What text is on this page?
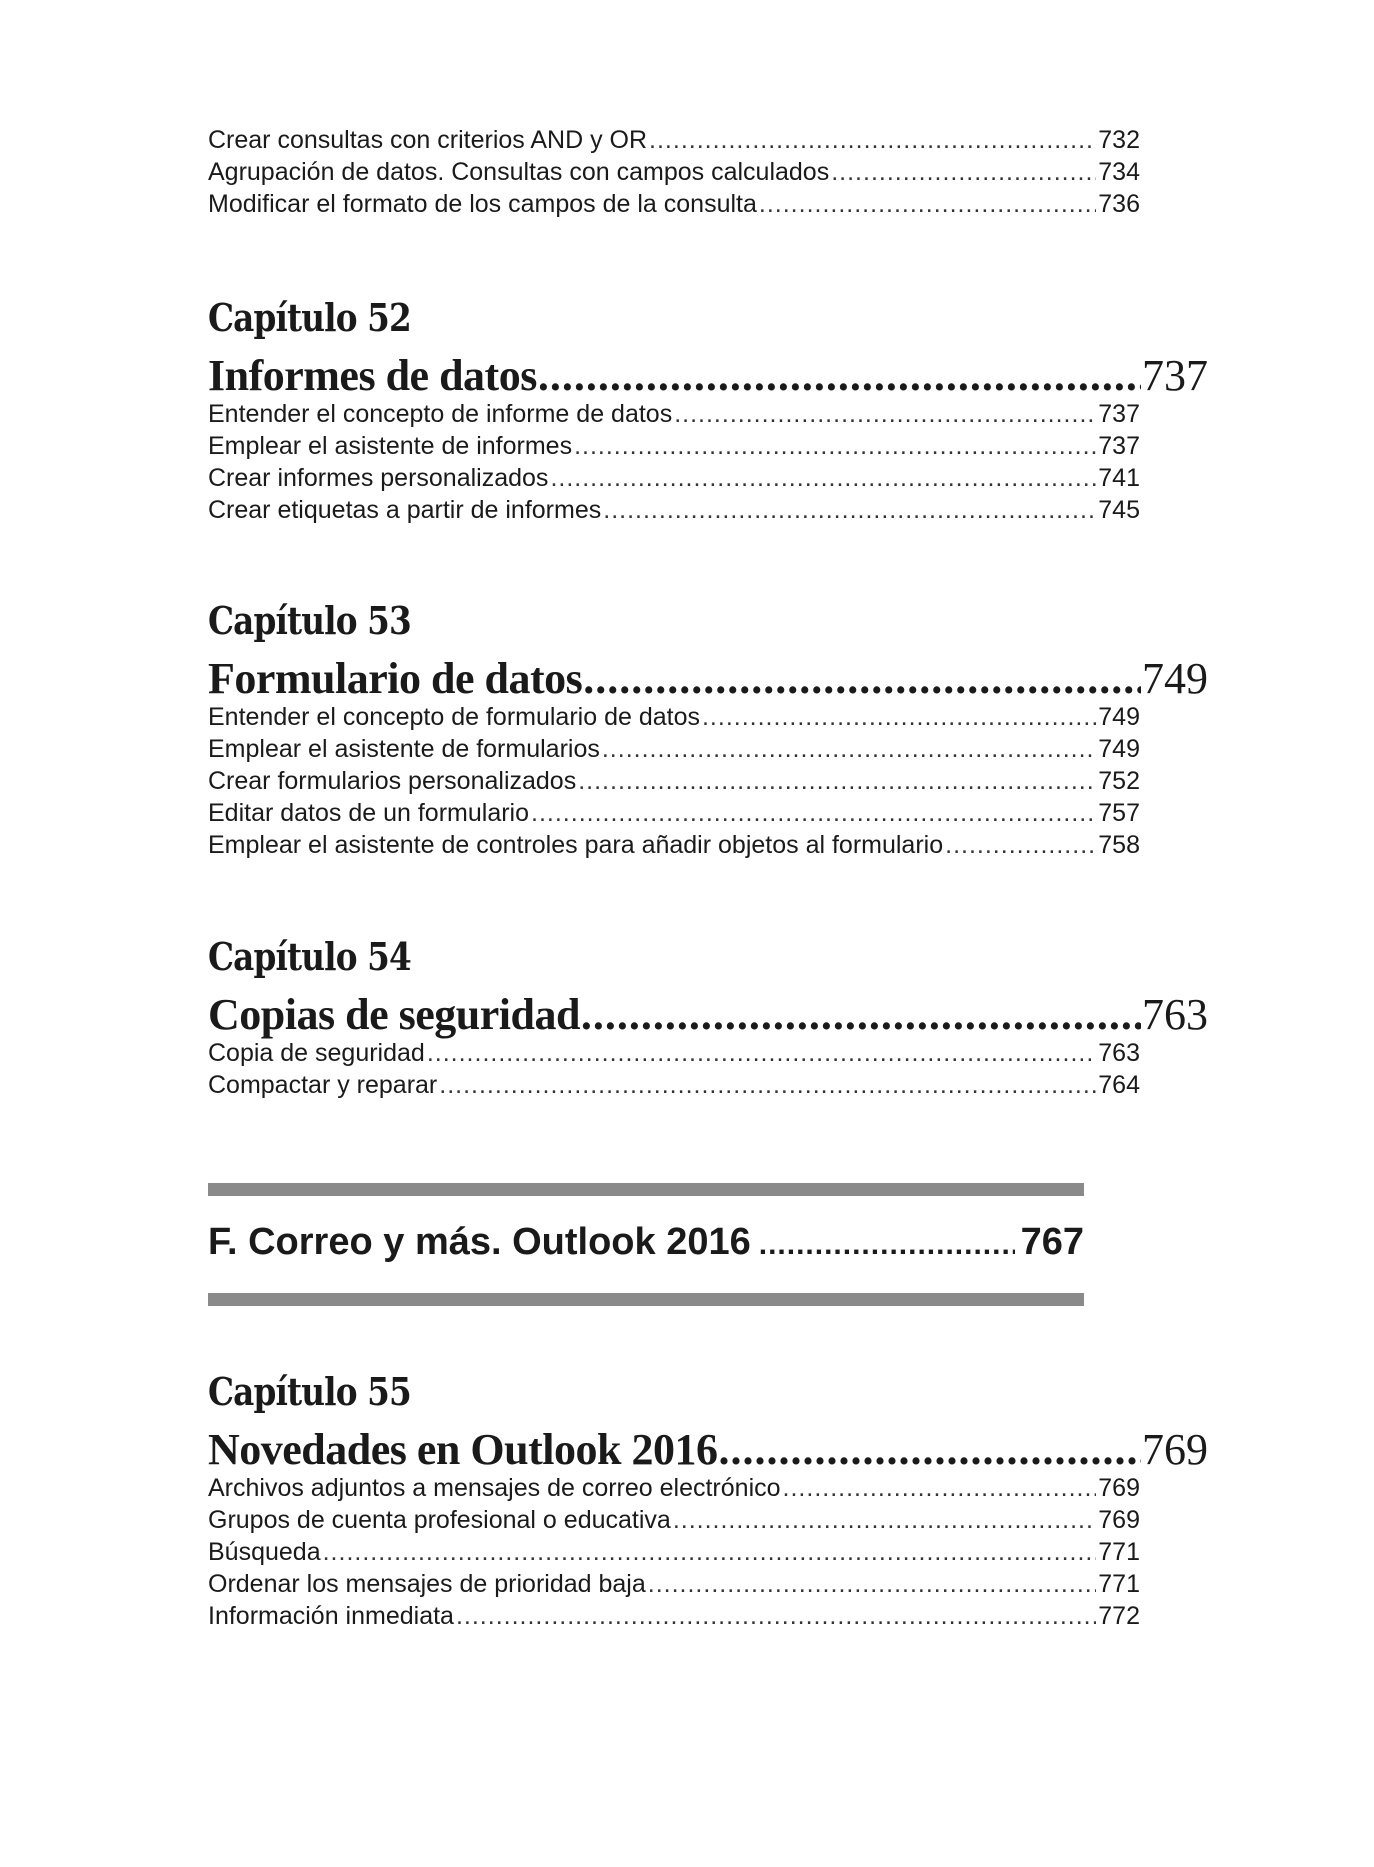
Crear consultas con criterios AND y OR .....	732
Agrupación de datos. Consultas con campos calculados .....	734
Modificar el formato de los campos de la consulta .....	736
Capítulo 52
Informes de datos .....	737
Entender el concepto de informe de datos .....	737
Emplear el asistente de informes .....	737
Crear informes personalizados .....	741
Crear etiquetas a partir de informes .....	745
Capítulo 53
Formulario de datos .....	749
Entender el concepto de formulario de datos .....	749
Emplear el asistente de formularios .....	749
Crear formularios personalizados .....	752
Editar datos de un formulario .....	757
Emplear el asistente de controles para añadir objetos al formulario .....	758
Capítulo 54
Copias de seguridad .....	763
Copia de seguridad .....	763
Compactar y reparar .....	764
F. Correo y más. Outlook 2016 .....	767
Capítulo 55
Novedades en Outlook 2016 .....	769
Archivos adjuntos a mensajes de correo electrónico .....	769
Grupos de cuenta profesional o educativa .....	769
Búsqueda .....	771
Ordenar los mensajes de prioridad baja .....	771
Información inmediata .....	772
